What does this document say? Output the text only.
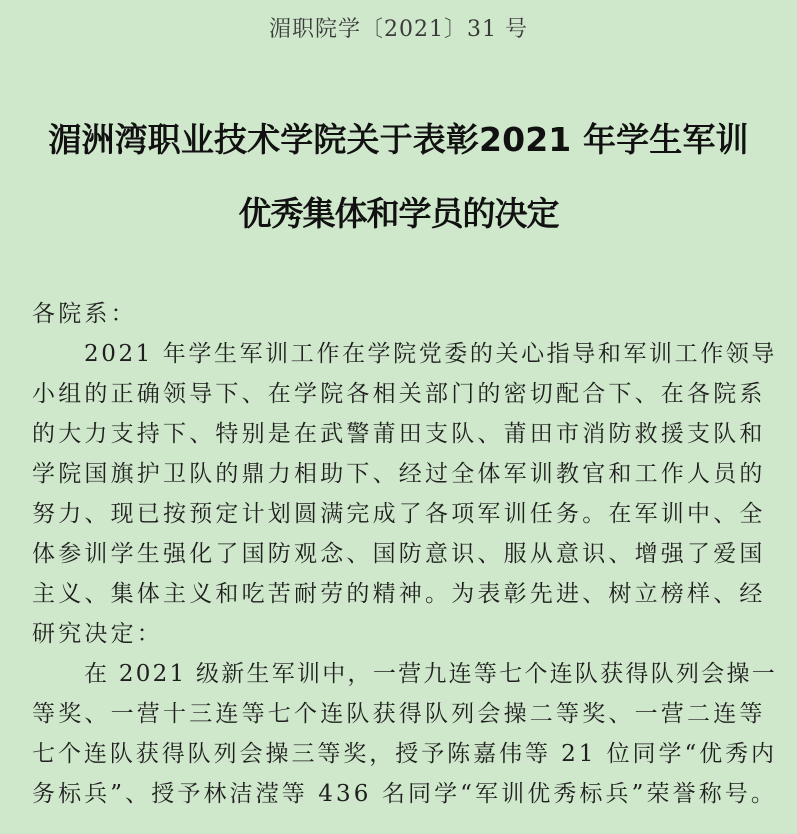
湄职院学〔2021〕31 号
湄洲湾职业技术学院关于表彰2021 年学生军训
优秀集体和学员的决定
各院系：
2021 年学生军训工作在学院党委的关心指导和军训工作领导
小组的正确领导下、在学院各相关部门的密切配合下、在各院系
的大力支持下、特别是在武警莆田支队、莆田市消防救援支队和
学院国旗护卫队的鼎力相助下、经过全体军训教官和工作人员的
努力、现已按预定计划圆满完成了各项军训任务。在军训中、全
体参训学生强化了国防观念、国防意识、服从意识、增强了爱国
主义、集体主义和吃苦耐劳的精神。为表彰先进、树立榜样、经
研究决定：
在 2021 级新生军训中，一营九连等七个连队获得队列会操一
等奖、一营十三连等七个连队获得队列会操二等奖、一营二连等
七个连队获得队列会操三等奖，授予陈嘉伟等 21 位同学“优秀内
务标兵”、授予林洁滢等 436 名同学“军训优秀标兵”荣誉称号。
